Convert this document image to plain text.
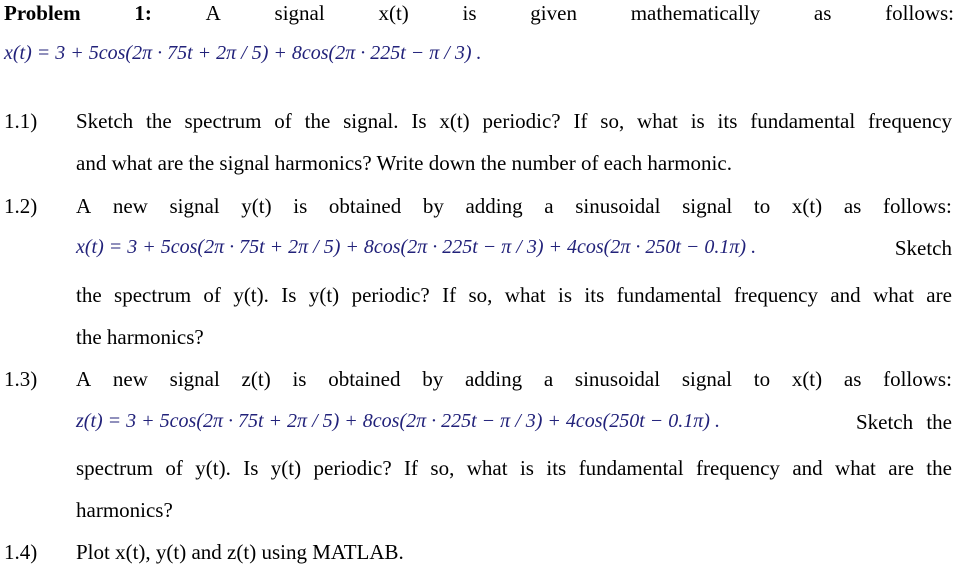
Problem	1:	A	signal	x(t)	is	given	mathematically	as	follows:
x(t) = 3 + 5cos(2π · 75t + 2π / 5) + 8cos(2π · 225t − π / 3) .
1.1) Sketch the spectrum of the signal. Is x(t) periodic? If so, what is its fundamental frequency
and what are the signal harmonics? Write down the number of each harmonic.
1.2) A new signal y(t) is obtained by adding a sinusoidal signal to x(t) as follows:
x(t) = 3 + 5cos(2π · 75t + 2π / 5) + 8cos(2π · 225t − π / 3) + 4cos(2π · 250t − 0.1π) .	Sketch
the spectrum of y(t). Is y(t) periodic? If so, what is its fundamental frequency and what are
the harmonics?
1.3) A new signal z(t) is obtained by adding a sinusoidal signal to x(t) as follows:
z(t) = 3 + 5cos(2π · 75t + 2π / 5) + 8cos(2π · 225t − π / 3) + 4cos(250t − 0.1π) .	Sketch the
spectrum of y(t). Is y(t) periodic? If so, what is its fundamental frequency and what are the
harmonics?
1.4) Plot x(t), y(t) and z(t) using MATLAB.
